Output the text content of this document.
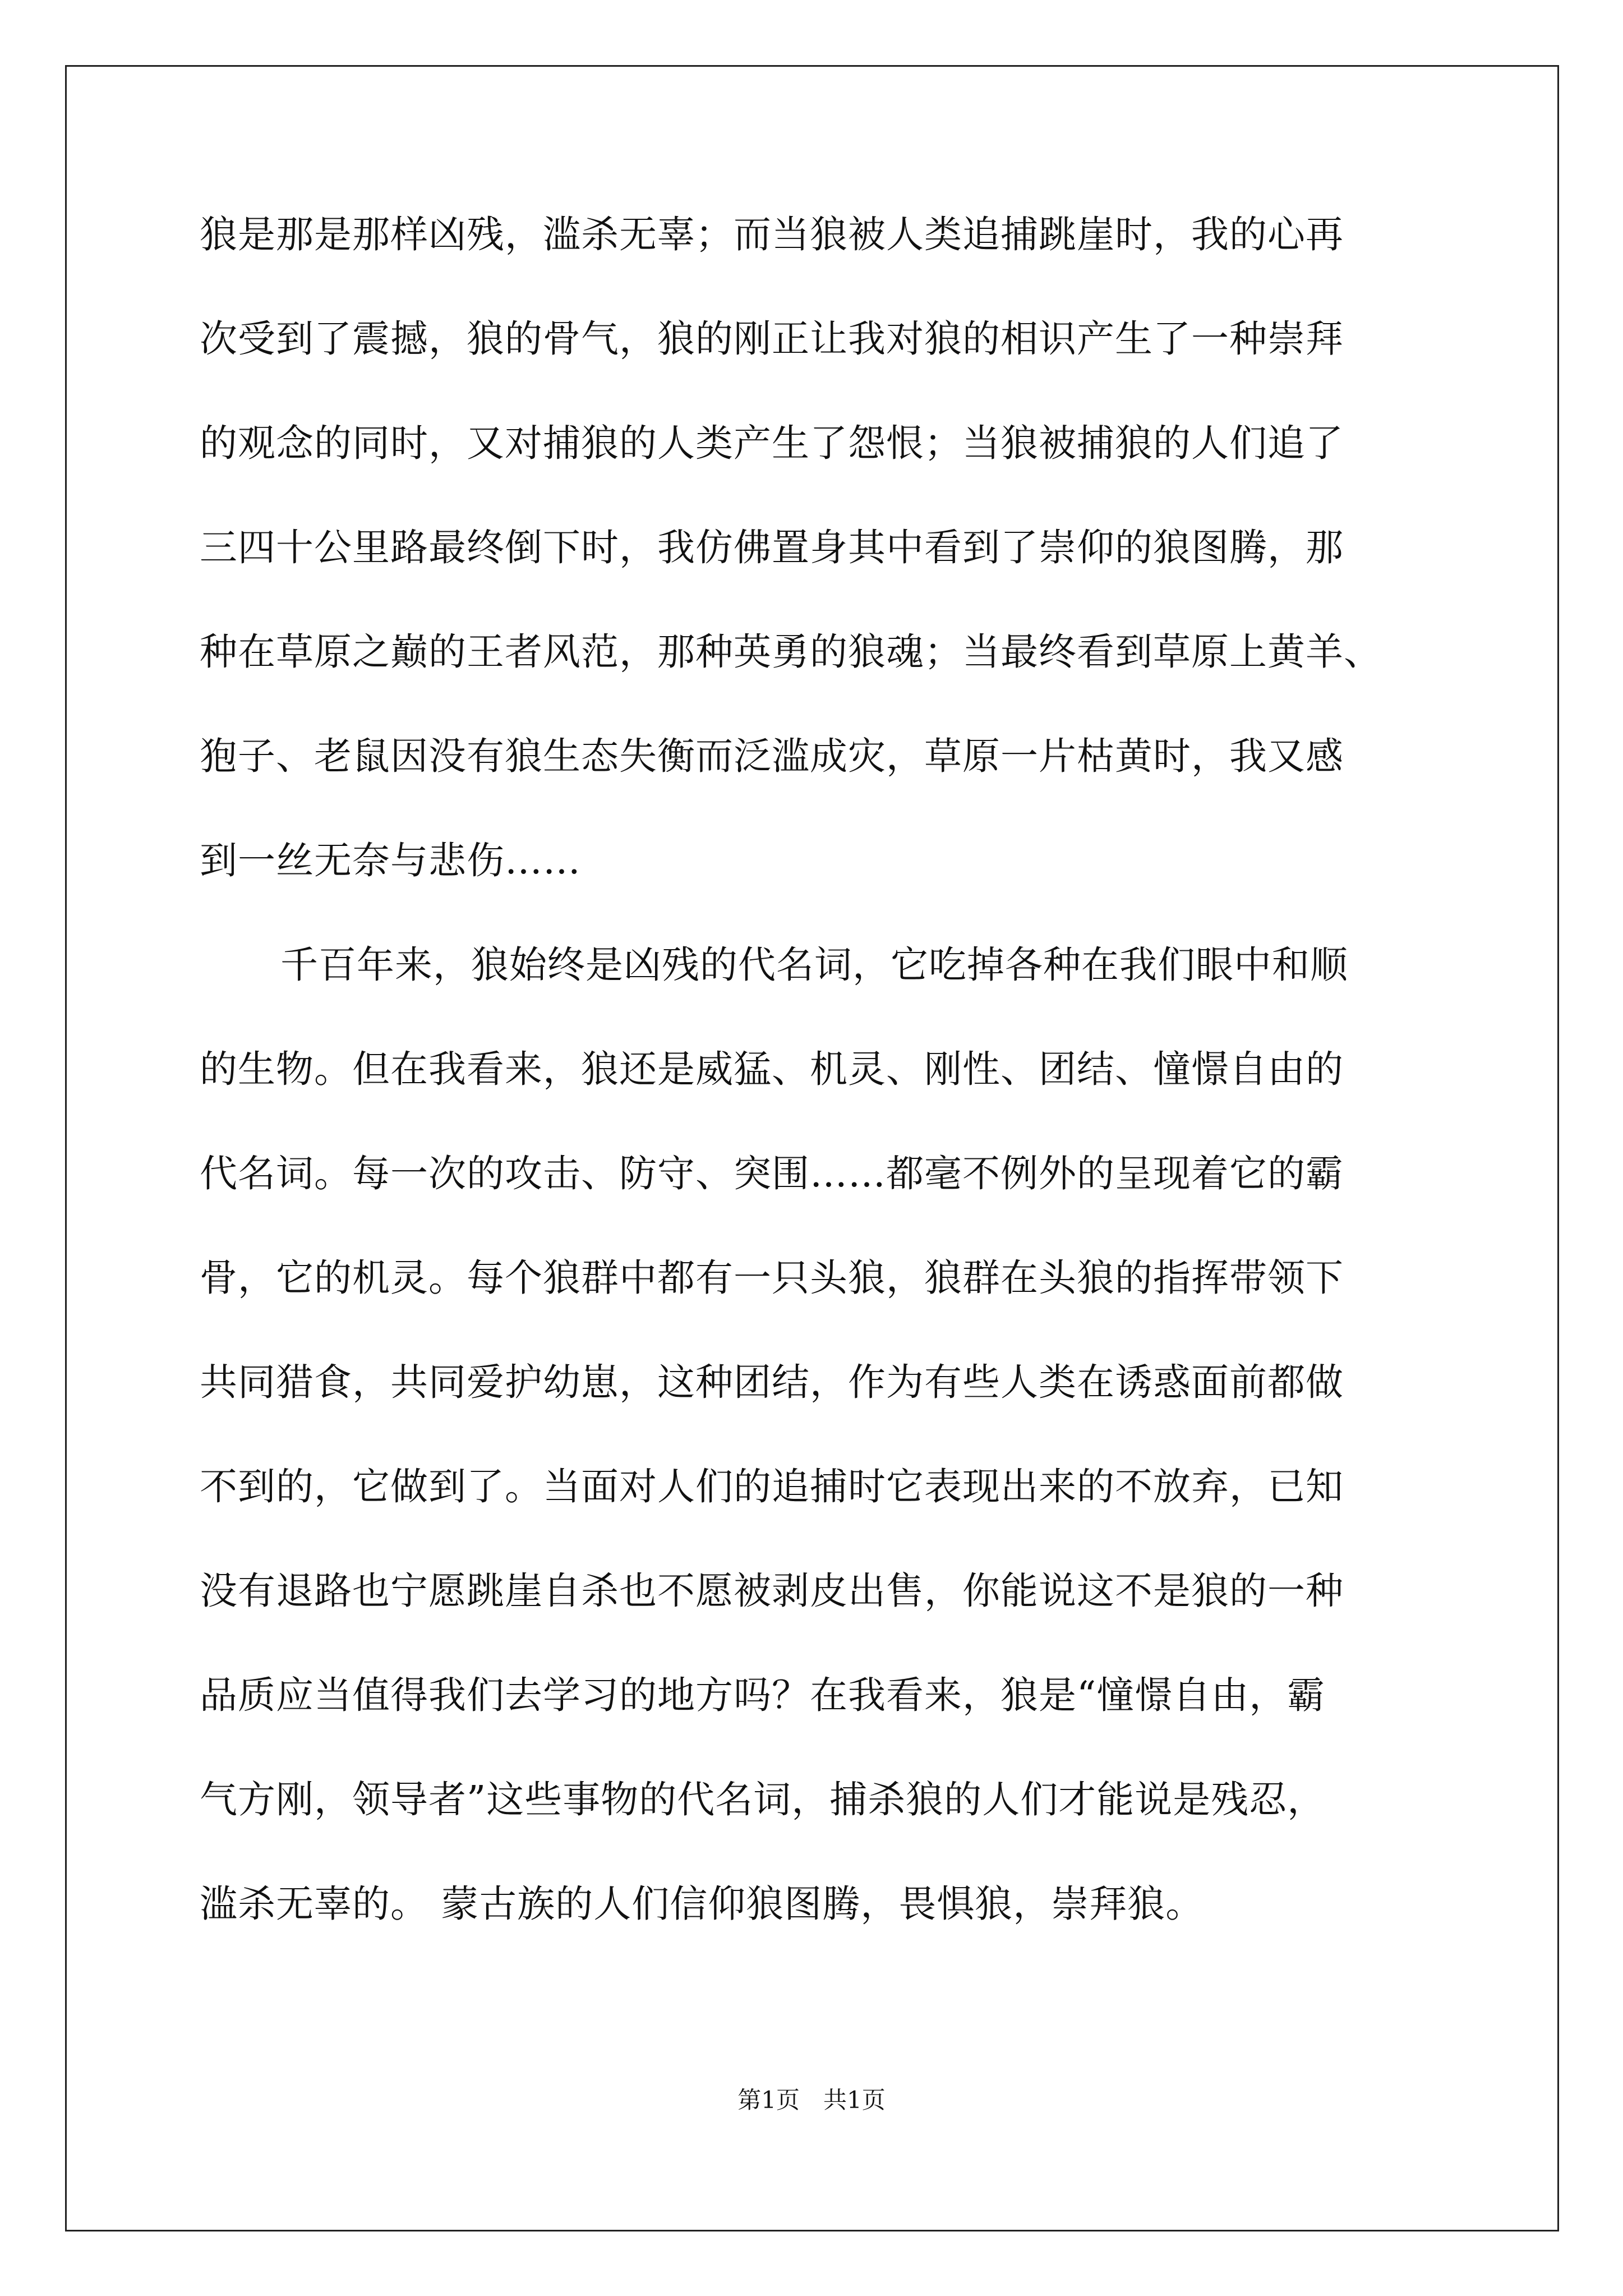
狼是那是那样凶残，滥杀无辜；而当狼被人类追捕跳崖时，我的心再
次受到了震撼，狼的骨气，狼的刚正让我对狼的相识产生了一种崇拜
的观念的同时，又对捕狼的人类产生了怨恨；当狼被捕狼的人们追了
三四十公里路最终倒下时，我仿佛置身其中看到了崇仰的狼图腾，那
种在草原之巅的王者风范，那种英勇的狼魂；当最终看到草原上黄羊、
狍子、老鼠因没有狼生态失衡而泛滥成灾，草原一片枯黄时，我又感
到一丝无奈与悲伤……
千百年来，狼始终是凶残的代名词，它吃掉各种在我们眼中和顺
的生物。但在我看来，狼还是威猛、机灵、刚性、团结、憧憬自由的
代名词。每一次的攻击、防守、突围……都毫不例外的呈现着它的霸
骨，它的机灵。每个狼群中都有一只头狼，狼群在头狼的指挥带领下
共同猎食，共同爱护幼崽，这种团结，作为有些人类在诱惑面前都做
不到的，它做到了。当面对人们的追捕时它表现出来的不放弃，已知
没有退路也宁愿跳崖自杀也不愿被剥皮出售，你能说这不是狼的一种
品质应当值得我们去学习的地方吗？在我看来，狼是“憧憬自由，霸
气方刚，领导者”这些事物的代名词，捕杀狼的人们才能说是残忍，
滥杀无辜的。 蒙古族的人们信仰狼图腾，畏惧狼，崇拜狼。
第1页　共1页
